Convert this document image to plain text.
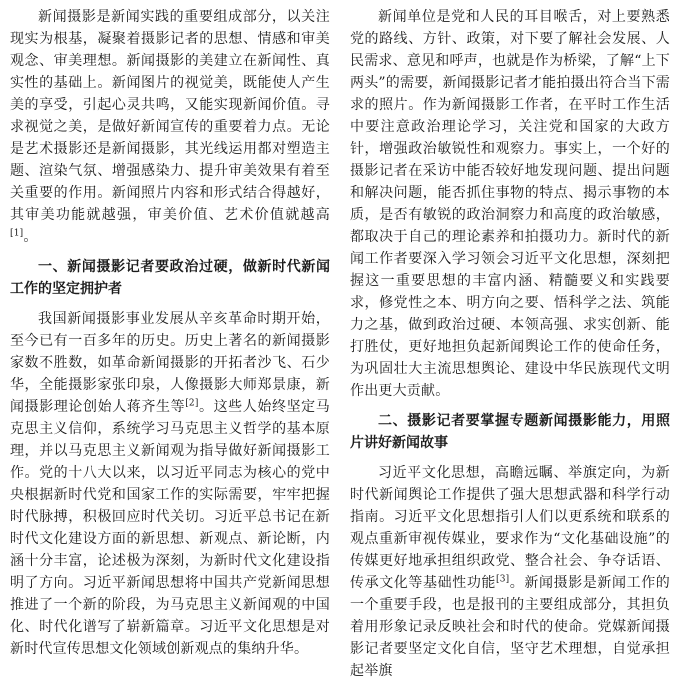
新闻摄影是新闻实践的重要组成部分，以关注现实为根基，凝聚着摄影记者的思想、情感和审美观念、审美理想。新闻摄影的美建立在新闻性、真实性的基础上。新闻图片的视觉美，既能使人产生美的享受，引起心灵共鸣，又能实现新闻价值。寻求视觉之美，是做好新闻宣传的重要着力点。无论是艺术摄影还是新闻摄影，其光线运用都对塑造主题、渲染气氛、增强感染力、提升审美效果有着至关重要的作用。新闻照片内容和形式结合得越好，其审美功能就越强，审美价值、艺术价值就越高[1]。

一、新闻摄影记者要政治过硬，做新时代新闻工作的坚定拥护者

我国新闻摄影事业发展从辛亥革命时期开始，至今已有一百多年的历史。历史上著名的新闻摄影家数不胜数，如革命新闻摄影的开拓者沙飞、石少华，全能摄影家张印泉，人像摄影大师郑景康，新闻摄影理论创始人蒋齐生等[2]。这些人始终坚定马克思主义信仰，系统学习马克思主义哲学的基本原理，并以马克思主义新闻观为指导做好新闻摄影工作。党的十八大以来，以习近平同志为核心的党中央根据新时代党和国家工作的实际需要，牢牢把握时代脉搏，积极回应时代关切。习近平总书记在新时代文化建设方面的新思想、新观点、新论断，内涵十分丰富，论述极为深刻，为新时代文化建设指明了方向。习近平新闻思想将中国共产党新闻思想推进了一个新的阶段，为马克思主义新闻观的中国化、时代化谱写了崭新篇章。习近平文化思想是对新时代宣传思想文化领域创新观点的集纳升华。

新闻单位是党和人民的耳目喉舌，对上要熟悉党的路线、方针、政策，对下要了解社会发展、人民需求、意见和呼声，也就是作为桥梁，了解“上下两头”的需要，新闻摄影记者才能拍摄出符合当下需求的照片。作为新闻摄影工作者，在平时工作生活中要注意政治理论学习，关注党和国家的大政方针，增强政治敏锐性和观察力。事实上，一个好的摄影记者在采访中能否较好地发现问题、提出问题和解决问题，能否抓住事物的特点、揭示事物的本质，是否有敏锐的政治洞察力和高度的政治敏感，都取决于自己的理论素养和拍摄功力。新时代的新闻工作者要深入学习领会习近平文化思想，深刻把握这一重要思想的丰富内涵、精髓要义和实践要求，修党性之本、明方向之要、悟科学之法、筑能力之基，做到政治过硬、本领高强、求实创新、能打胜仗，更好地担负起新闻舆论工作的使命任务，为巩固壮大主流思想舆论、建设中华民族现代文明作出更大贡献。

二、摄影记者要掌握专题新闻摄影能力，用照片讲好新闻故事

习近平文化思想，高瞻远瞩、举旗定向，为新时代新闻舆论工作提供了强大思想武器和科学行动指南。习近平文化思想指引人们以更系统和联系的观点重新审视传媒业，要求作为“文化基础设施”的传媒更好地承担组织政党、整合社会、争夺话语、传承文化等基础性功能[3]。新闻摄影是新闻工作的一个重要手段，也是报刊的主要组成部分，其担负着用形象记录反映社会和时代的使命。党媒新闻摄影记者要坚定文化自信，坚守艺术理想，自觉承担起举旗
